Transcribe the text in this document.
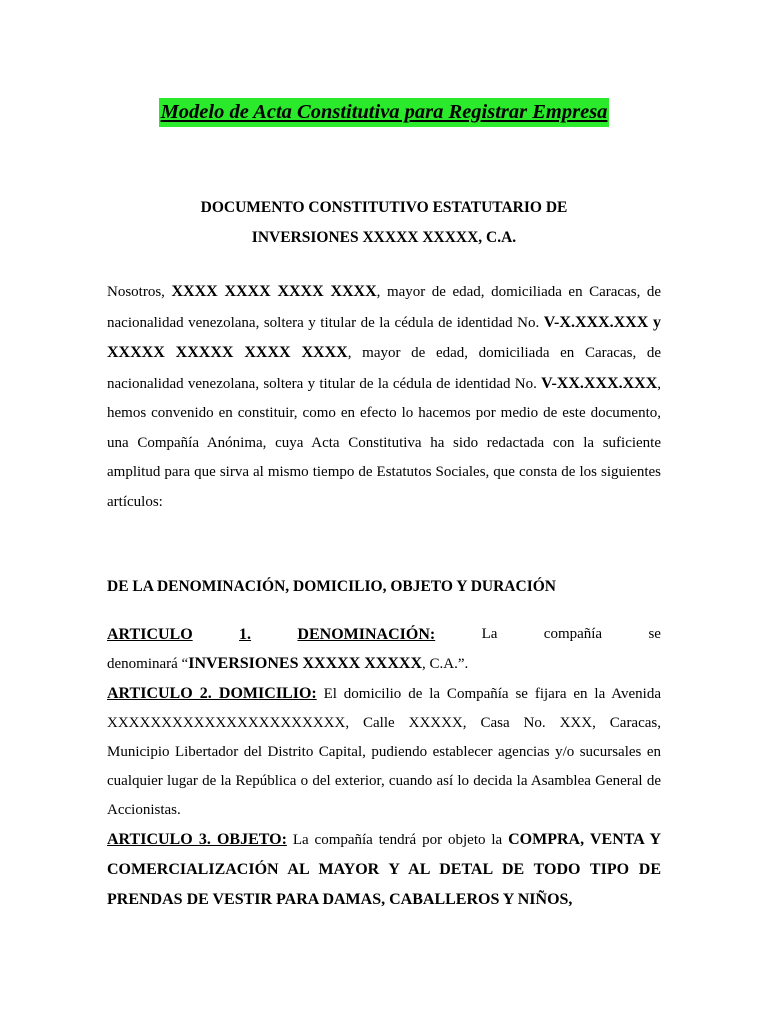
Modelo de Acta Constitutiva para Registrar Empresa
DOCUMENTO CONSTITUTIVO ESTATUTARIO DE
INVERSIONES XXXXX XXXXX, C.A.
Nosotros, XXXX XXXX XXXX XXXX, mayor de edad, domiciliada en Caracas, de nacionalidad venezolana, soltera y titular de la cédula de identidad No. V-X.XXX.XXX y XXXXX XXXXX XXXX XXXX, mayor de edad, domiciliada en Caracas, de nacionalidad venezolana, soltera y titular de la cédula de identidad No. V-XX.XXX.XXX, hemos convenido en constituir, como en efecto lo hacemos por medio de este documento, una Compañía Anónima, cuya Acta Constitutiva ha sido redactada con la suficiente amplitud para que sirva al mismo tiempo de Estatutos Sociales, que consta de los siguientes artículos:
DE LA DENOMINACIÓN, DOMICILIO, OBJETO Y DURACIÓN
ARTICULO	1.	DENOMINACIÓN:	La	compañía	se

denominará “INVERSIONES XXXXX XXXXX, C.A.”.

ARTICULO 2. DOMICILIO: El domicilio de la Compañía se fijara en la Avenida XXXXXXXXXXXXXXXXXXXXXX, Calle XXXXX, Casa No. XXX, Caracas, Municipio Libertador del Distrito Capital, pudiendo establecer agencias y/o sucursales en cualquier lugar de la República o del exterior, cuando así lo decida la Asamblea General de Accionistas.

ARTICULO 3. OBJETO: La compañía tendrá por objeto la COMPRA, VENTA Y COMERCIALIZACIÓN AL MAYOR Y AL DETAL DE TODO TIPO DE PRENDAS DE VESTIR PARA DAMAS, CABALLEROS Y NIÑOS,
